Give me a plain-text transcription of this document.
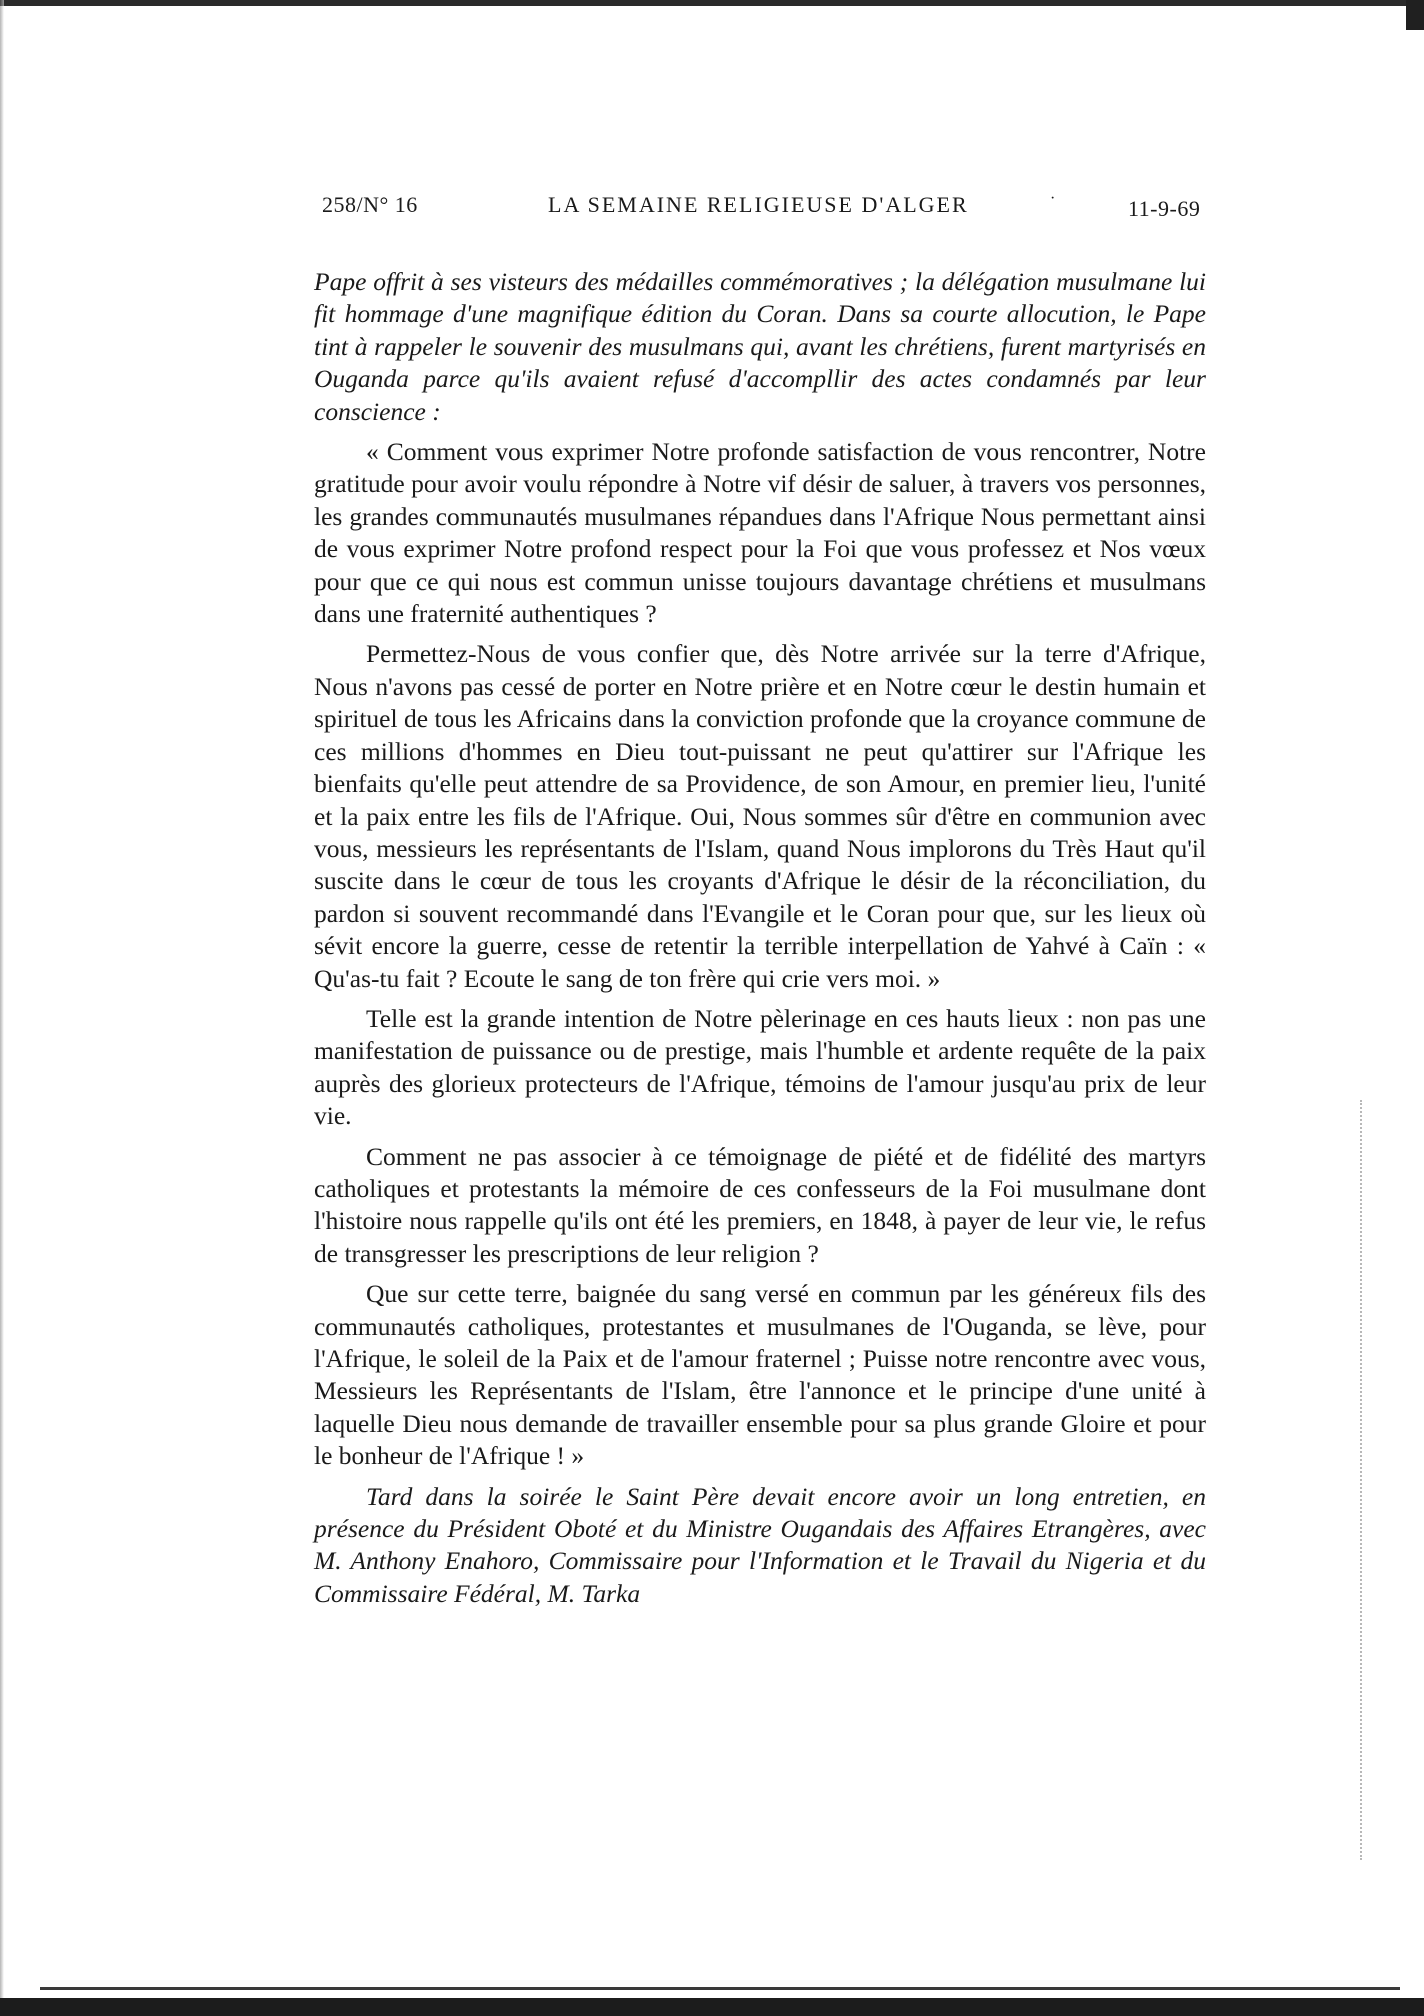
258/N° 16	LA SEMAINE RELIGIEUSE D'ALGER	·	11-9-69

Pape offrit à ses visteurs des médailles commémoratives ; la délégation musulmane lui fit hommage d'une magnifique édition du Coran. Dans sa courte allocution, le Pape tint à rappeler le souvenir des musulmans qui, avant les chrétiens, furent martyrisés en Ouganda parce qu'ils avaient refusé d'accompllir des actes condamnés par leur conscience :

« Comment vous exprimer Notre profonde satisfaction de vous rencontrer, Notre gratitude pour avoir voulu répondre à Notre vif désir de saluer, à travers vos personnes, les grandes communautés musulmanes répandues dans l'Afrique Nous permettant ainsi de vous exprimer Notre profond respect pour la Foi que vous professez et Nos vœux pour que ce qui nous est commun unisse toujours davantage chrétiens et musulmans dans une fraternité authentiques ?

Permettez-Nous de vous confier que, dès Notre arrivée sur la terre d'Afrique, Nous n'avons pas cessé de porter en Notre prière et en Notre cœur le destin humain et spirituel de tous les Africains dans la conviction profonde que la croyance commune de ces millions d'hommes en Dieu tout-puissant ne peut qu'attirer sur l'Afrique les bienfaits qu'elle peut attendre de sa Providence, de son Amour, en premier lieu, l'unité et la paix entre les fils de l'Afrique. Oui, Nous sommes sûr d'être en communion avec vous, messieurs les représentants de l'Islam, quand Nous implorons du Très Haut qu'il suscite dans le cœur de tous les croyants d'Afrique le désir de la réconciliation, du pardon si souvent recommandé dans l'Evangile et le Coran pour que, sur les lieux où sévit encore la guerre, cesse de retentir la terrible interpellation de Yahvé à Caïn : « Qu'as-tu fait ? Ecoute le sang de ton frère qui crie vers moi. »

Telle est la grande intention de Notre pèlerinage en ces hauts lieux : non pas une manifestation de puissance ou de prestige, mais l'humble et ardente requête de la paix auprès des glorieux protecteurs de l'Afrique, témoins de l'amour jusqu'au prix de leur vie.

Comment ne pas associer à ce témoignage de piété et de fidélité des martyrs catholiques et protestants la mémoire de ces confesseurs de la Foi musulmane dont l'histoire nous rappelle qu'ils ont été les premiers, en 1848, à payer de leur vie, le refus de transgresser les prescriptions de leur religion ?

Que sur cette terre, baignée du sang versé en commun par les généreux fils des communautés catholiques, protestantes et musulmanes de l'Ouganda, se lève, pour l'Afrique, le soleil de la Paix et de l'amour fraternel ; Puisse notre rencontre avec vous, Messieurs les Représentants de l'Islam, être l'annonce et le principe d'une unité à laquelle Dieu nous demande de travailler ensemble pour sa plus grande Gloire et pour le bonheur de l'Afrique ! »

Tard dans la soirée le Saint Père devait encore avoir un long entretien, en présence du Président Oboté et du Ministre Ougandais des Affaires Etrangères, avec M. Anthony Enahoro, Commissaire pour l'Information et le Travail du Nigeria et du Commissaire Fédéral, M. Tarka
